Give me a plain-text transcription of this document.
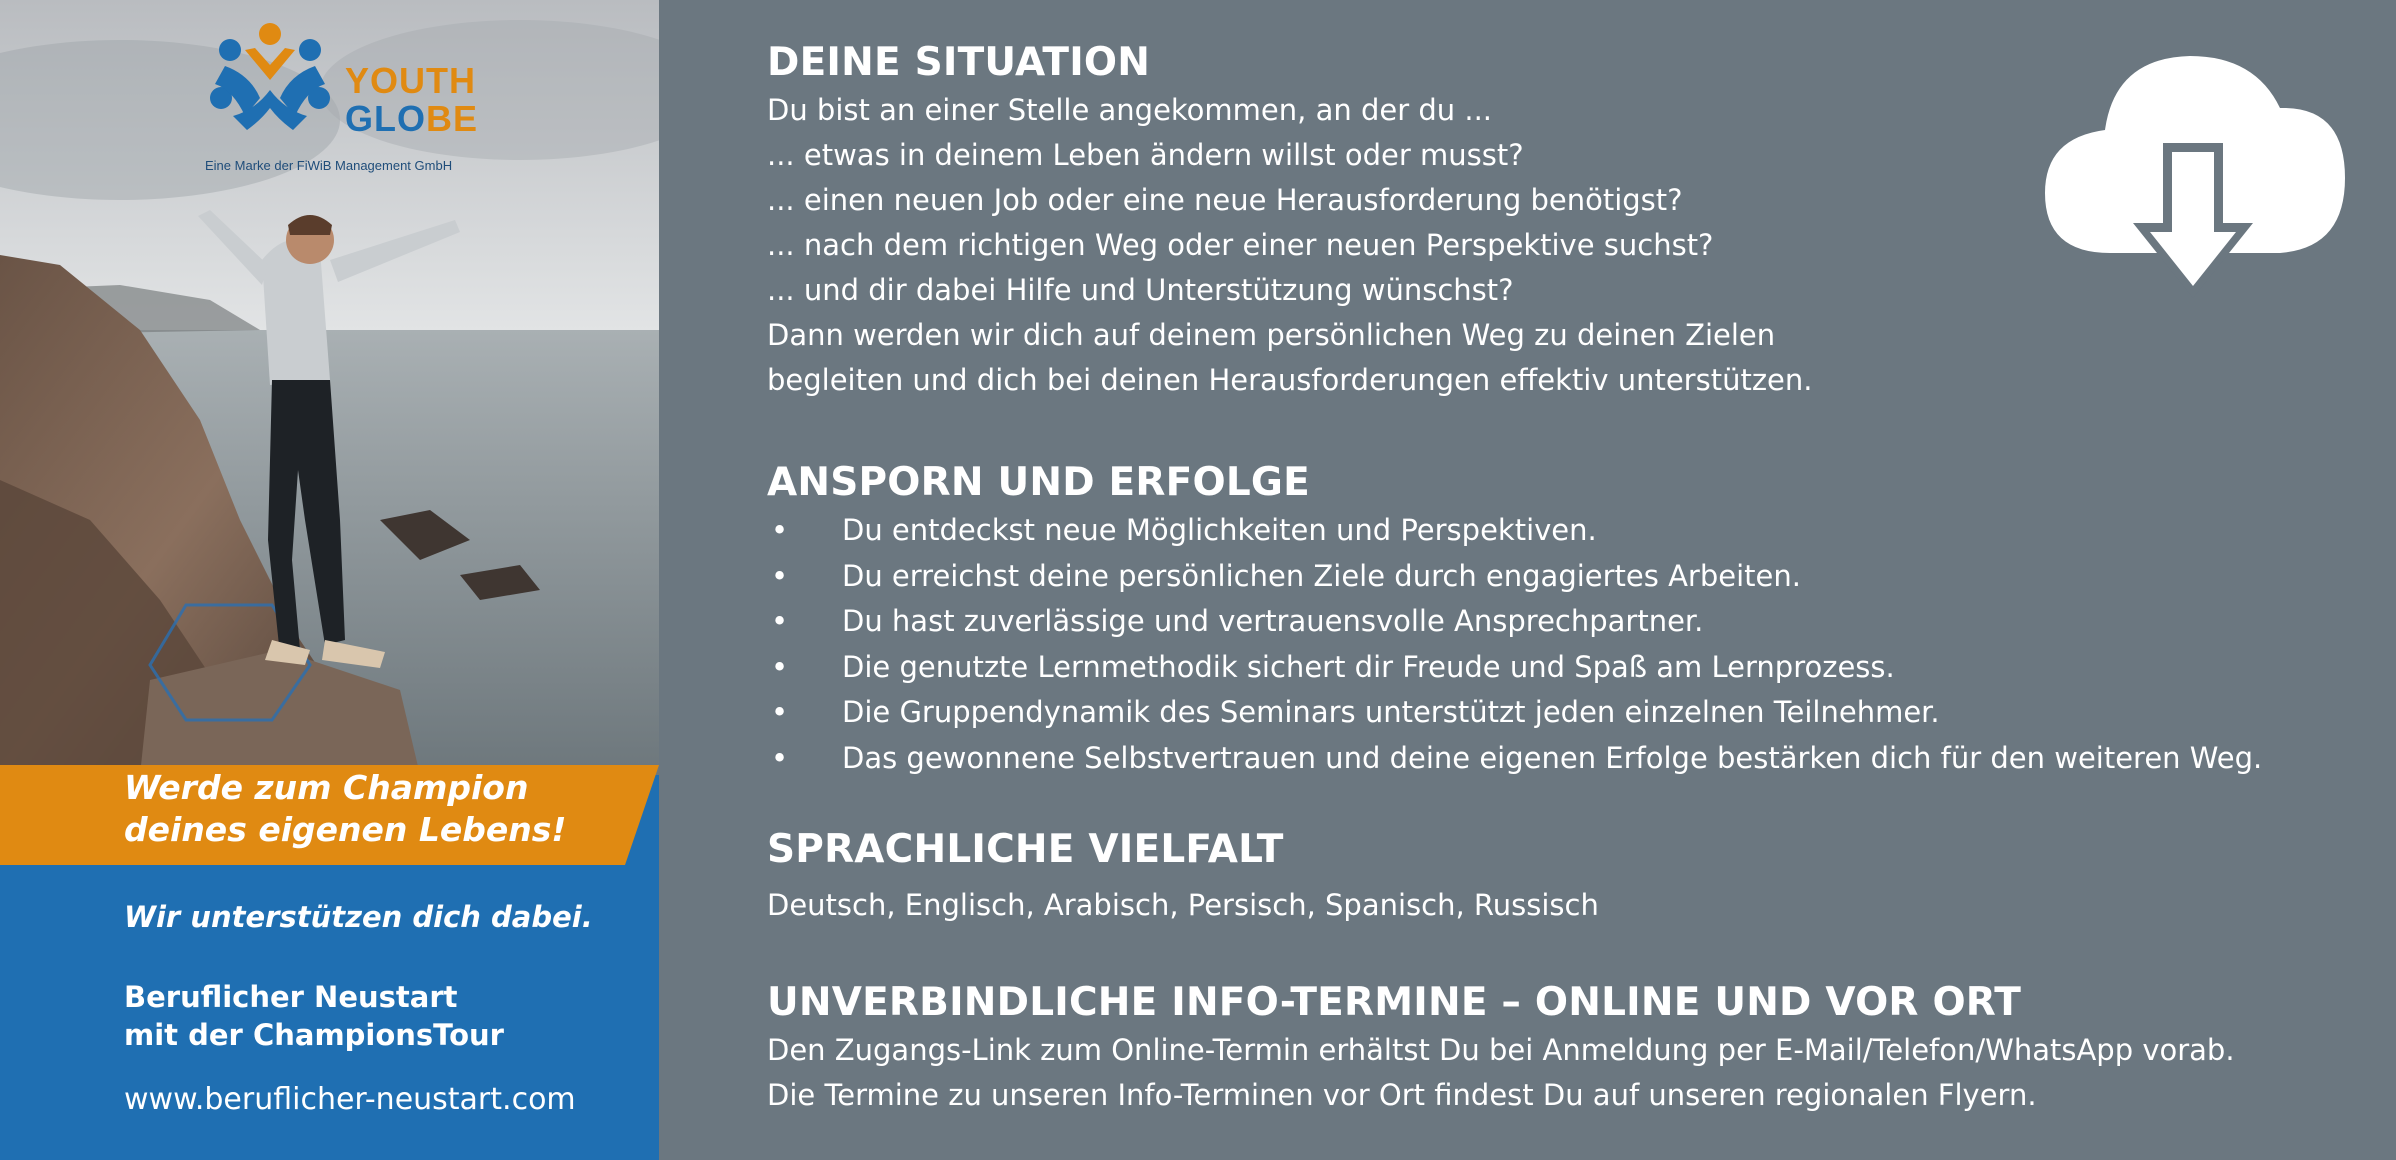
YOUTH
GLOBE
Eine Marke der FiWiB Management GmbH
Werde zum Champion
deines eigenen Lebens!
Wir unterstützen dich dabei.
Beruflicher Neustart
mit der ChampionsTour
www.beruflicher-neustart.com
DEINE SITUATION

Du bist an einer Stelle angekommen, an der du ...

... etwas in deinem Leben ändern willst oder musst?

... einen neuen Job oder eine neue Herausforderung benötigst?

... nach dem richtigen Weg oder einer neuen Perspektive suchst?

... und dir dabei Hilfe und Unterstützung wünschst?

Dann werden wir dich auf deinem persönlichen Weg zu deinen Zielen

begleiten und dich bei deinen Herausforderungen effektiv unterstützen.

ANSPORN UND ERFOLGE
• Du entdeckst neue Möglichkeiten und Perspektiven.
• Du erreichst deine persönlichen Ziele durch engagiertes Arbeiten.
• Du hast zuverlässige und vertrauensvolle Ansprechpartner.
• Die genutzte Lernmethodik sichert dir Freude und Spaß am Lernprozess.
• Die Gruppendynamik des Seminars unterstützt jeden einzelnen Teilnehmer.
• Das gewonnene Selbstvertrauen und deine eigenen Erfolge bestärken dich für den weiteren Weg.
SPRACHLICHE VIELFALT

Deutsch, Englisch, Arabisch, Persisch, Spanisch, Russisch

UNVERBINDLICHE INFO-TERMINE – ONLINE UND VOR ORT

Den Zugangs-Link zum Online-Termin erhältst Du bei Anmeldung per E-Mail/Telefon/WhatsApp vorab.

Die Termine zu unseren Info-Terminen vor Ort findest Du auf unseren regionalen Flyern.
